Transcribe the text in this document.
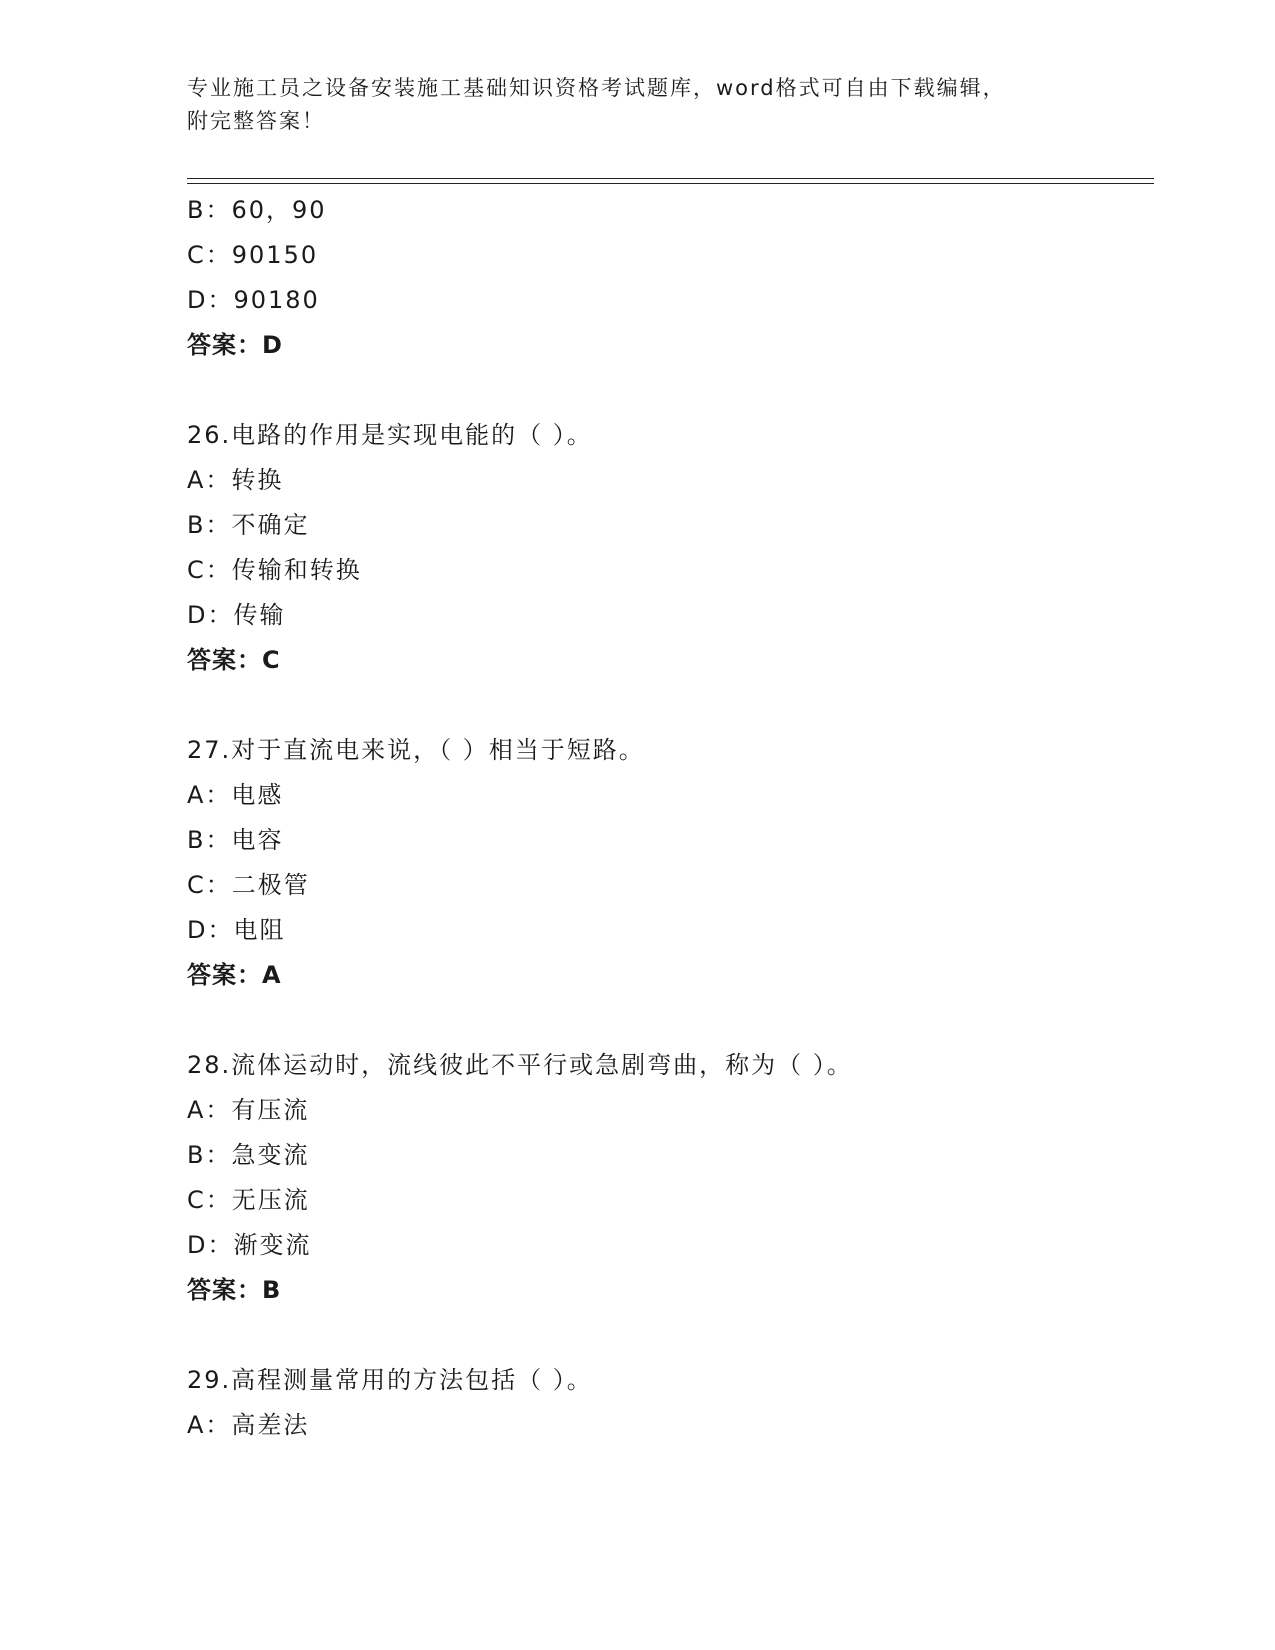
专业施工员之设备安装施工基础知识资格考试题库，word格式可自由下载编辑，
附完整答案！
B：60，90
C：90150
D：90180
答案：D
26.电路的作用是实现电能的（ ）。
A：转换
B：不确定
C：传输和转换
D：传输
答案：C
27.对于直流电来说，（ ）相当于短路。
A：电感
B：电容
C：二极管
D：电阻
答案：A
28.流体运动时，流线彼此不平行或急剧弯曲，称为（ ）。
A：有压流
B：急变流
C：无压流
D：渐变流
答案：B
29.高程测量常用的方法包括（ ）。
A：高差法
